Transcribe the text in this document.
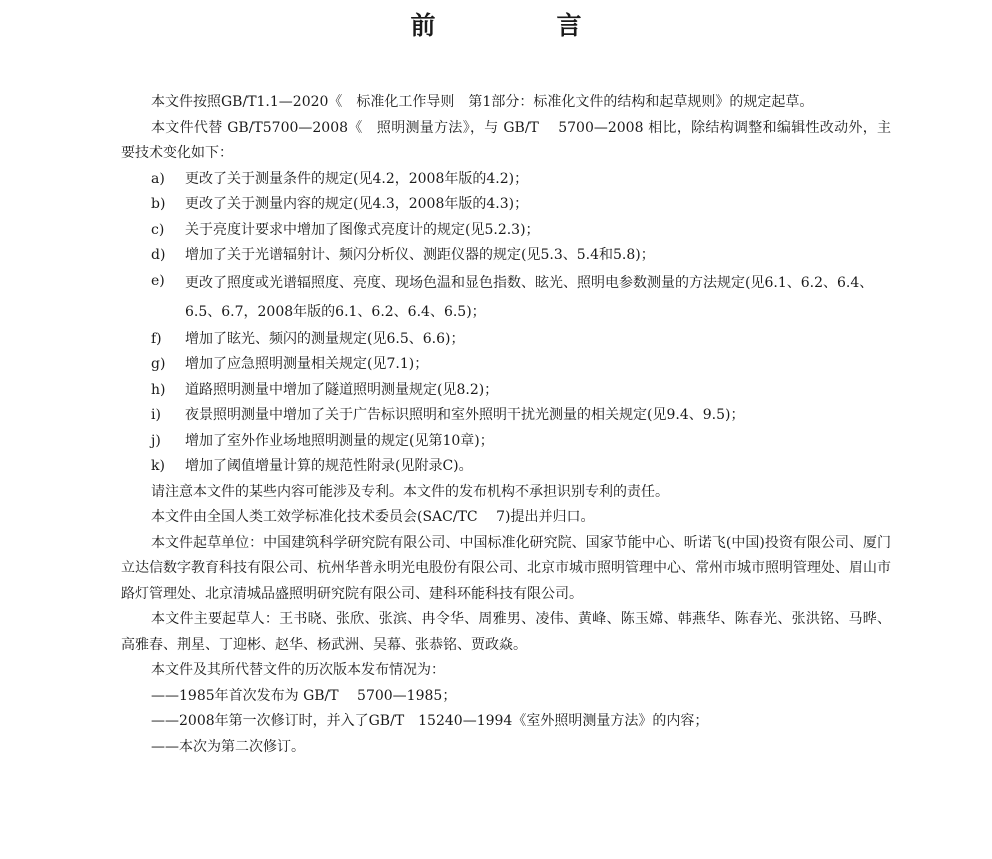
前　言

本文件按照GB/T1.1—2020《　标准化工作导则　第1部分：标准化文件的结构和起草规则》的规定起草。

本文件代替 GB/T5700—2008《　照明测量方法》，与 GB/T　 5700—2008 相比，除结构调整和编辑性改动外，主要技术变化如下：

a)	更改了关于测量条件的规定(见4.2，2008年版的4.2)；
b)	更改了关于测量内容的规定(见4.3，2008年版的4.3)；
c)	关于亮度计要求中增加了图像式亮度计的规定(见5.2.3)；
d)	增加了关于光谱辐射计、频闪分析仪、测距仪器的规定(见5.3、5.4和5.8)；
e)	更改了照度或光谱辐照度、亮度、现场色温和显色指数、眩光、照明电参数测量的方法规定(见6.1、6.2、6.4、6.5、6.7，2008年版的6.1、6.2、6.4、6.5)；
f)	增加了眩光、频闪的测量规定(见6.5、6.6)；
g)	增加了应急照明测量相关规定(见7.1)；
h)	道路照明测量中增加了隧道照明测量规定(见8.2)；
i)	夜景照明测量中增加了关于广告标识照明和室外照明干扰光测量的相关规定(见9.4、9.5)；
j)	增加了室外作业场地照明测量的规定(见第10章)；
k)	增加了阈值增量计算的规范性附录(见附录C)。

请注意本文件的某些内容可能涉及专利。本文件的发布机构不承担识别专利的责任。

本文件由全国人类工效学标准化技术委员会(SAC/TC　 7)提出并归口。

本文件起草单位：中国建筑科学研究院有限公司、中国标准化研究院、国家节能中心、昕诺飞(中国)投资有限公司、厦门立达信数字教育科技有限公司、杭州华普永明光电股份有限公司、北京市城市照明管理中心、常州市城市照明管理处、眉山市路灯管理处、北京清城品盛照明研究院有限公司、建科环能科技有限公司。

本文件主要起草人：王书晓、张欣、张滨、冉令华、周雅男、凌伟、黄峰、陈玉嫦、韩燕华、陈春光、张洪铭、马晔、高雅春、荆星、丁迎彬、赵华、杨武洲、吴幕、张恭铭、贾政焱。

本文件及其所代替文件的历次版本发布情况为：

——1985年首次发布为 GB/T　 5700—1985；
——2008年第一次修订时，并入了GB/T　15240—1994《室外照明测量方法》的内容；
——本次为第二次修订。
